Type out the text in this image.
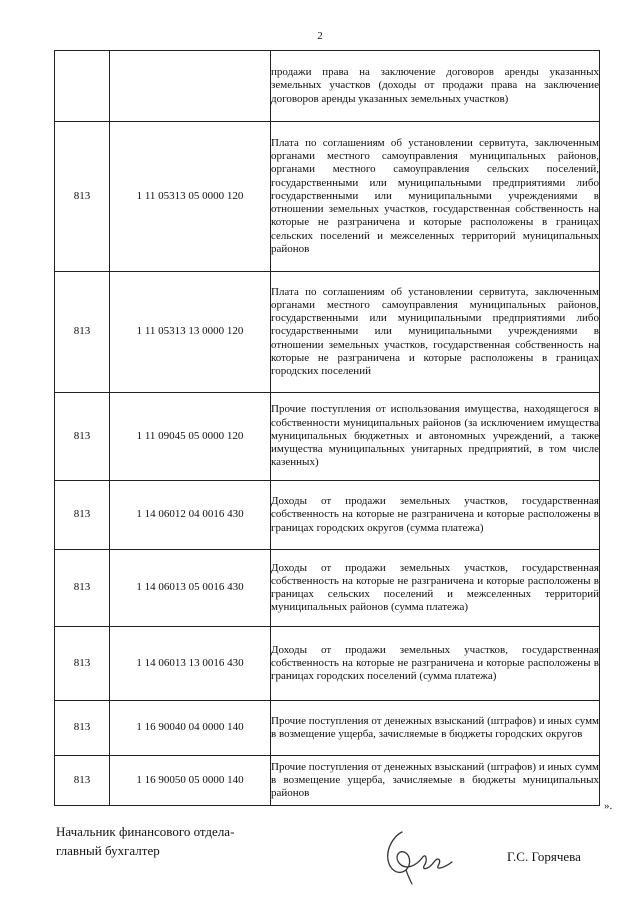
2
		продажи права на заключение договоров аренды указанных земельных участков (доходы от продажи права на заключение договоров аренды указанных земельных участков)
813	1 11 05313 05 0000 120	Плата по соглашениям об установлении сервитута, заключенным органами местного самоуправления муниципальных районов, органами местного самоуправления сельских поселений, государственными или муниципальными предприятиями либо государственными или муниципальными учреждениями в отношении земельных участков, государственная собственность на которые не разграничена и которые расположены в границах сельских поселений и межселенных территорий муниципальных районов
813	1 11 05313 13 0000 120	Плата по соглашениям об установлении сервитута, заключенным органами местного самоуправления муниципальных районов, государственными или муниципальными предприятиями либо государственными или муниципальными учреждениями в отношении земельных участков, государственная собственность на которые не разграничена и которые расположены в границах городских поселений
813	1 11 09045 05 0000 120	Прочие поступления от использования имущества, находящегося в собственности муниципальных районов (за исключением имущества муниципальных бюджетных и автономных учреждений, а также имущества муниципальных унитарных предприятий, в том числе казенных)
813	1 14 06012 04 0016 430	Доходы от продажи земельных участков, государственная собственность на которые не разграничена и которые расположены в границах городских округов (сумма платежа)
813	1 14 06013 05 0016 430	Доходы от продажи земельных участков, государственная собственность на которые не разграничена и которые расположены в границах сельских поселений и межселенных территорий муниципальных районов (сумма платежа)
813	1 14 06013 13 0016 430	Доходы от продажи земельных участков, государственная собственность на которые не разграничена и которые расположены в границах городских поселений (сумма платежа)
813	1 16 90040 04 0000 140	Прочие поступления от денежных взысканий (штрафов) и иных сумм в возмещение ущерба, зачисляемые в бюджеты городских округов
813	1 16 90050 05 0000 140	Прочие поступления от денежных взысканий (штрафов) и иных сумм в возмещение ущерба, зачисляемые в бюджеты муниципальных районов
».
Начальник финансового отдела-
главный бухгалтер	Г.С. Горячева
